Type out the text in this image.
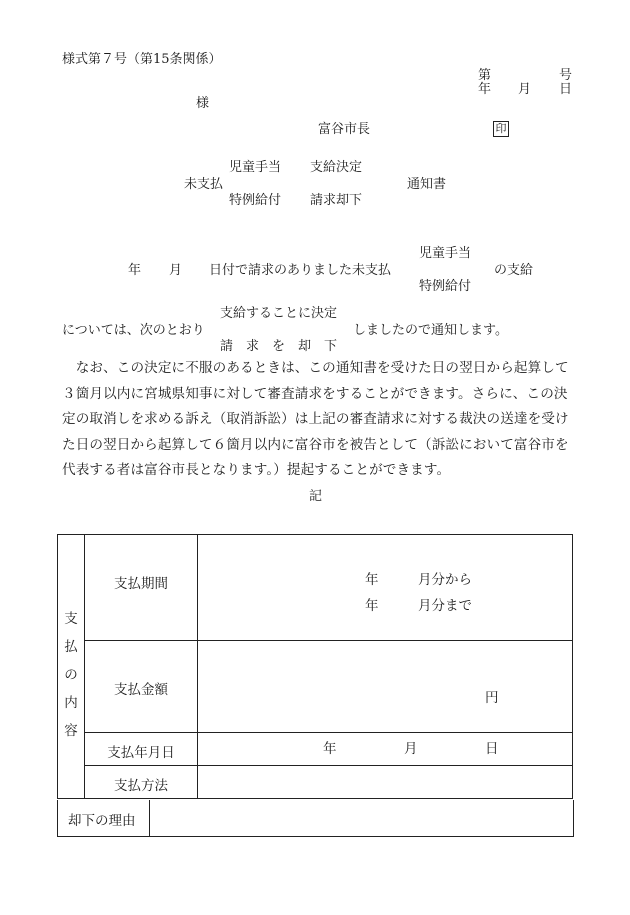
様式第７号（第15条関係）
第	号
年 月 日
様
富谷市長	印
児童手当 支給決定
未支払	通知書
特例給付 請求却下
児童手当
年 月 日付で請求のありました未支払	の支給
特例給付
支給することに決定
については、次のとおり	しましたので通知します。
請　求　を　却　下
　なお、この決定に不服のあるときは、この通知書を受けた日の翌日から起算して３箇月以内に宮城県知事に対して審査請求をすることができます。さらに、この決定の取消しを求める訴え（取消訴訟）は上記の審査請求に対する裁決の送達を受けた日の翌日から起算して６箇月以内に富谷市を被告として（訴訟において富谷市を代表する者は富谷市長となります。）提起することができます。
記
支
払
の
内
容	支払期間	年 月分から
年 月分まで

	支払金額	円

	支払年月日	年 月 日

	支払方法	

却下の理由
